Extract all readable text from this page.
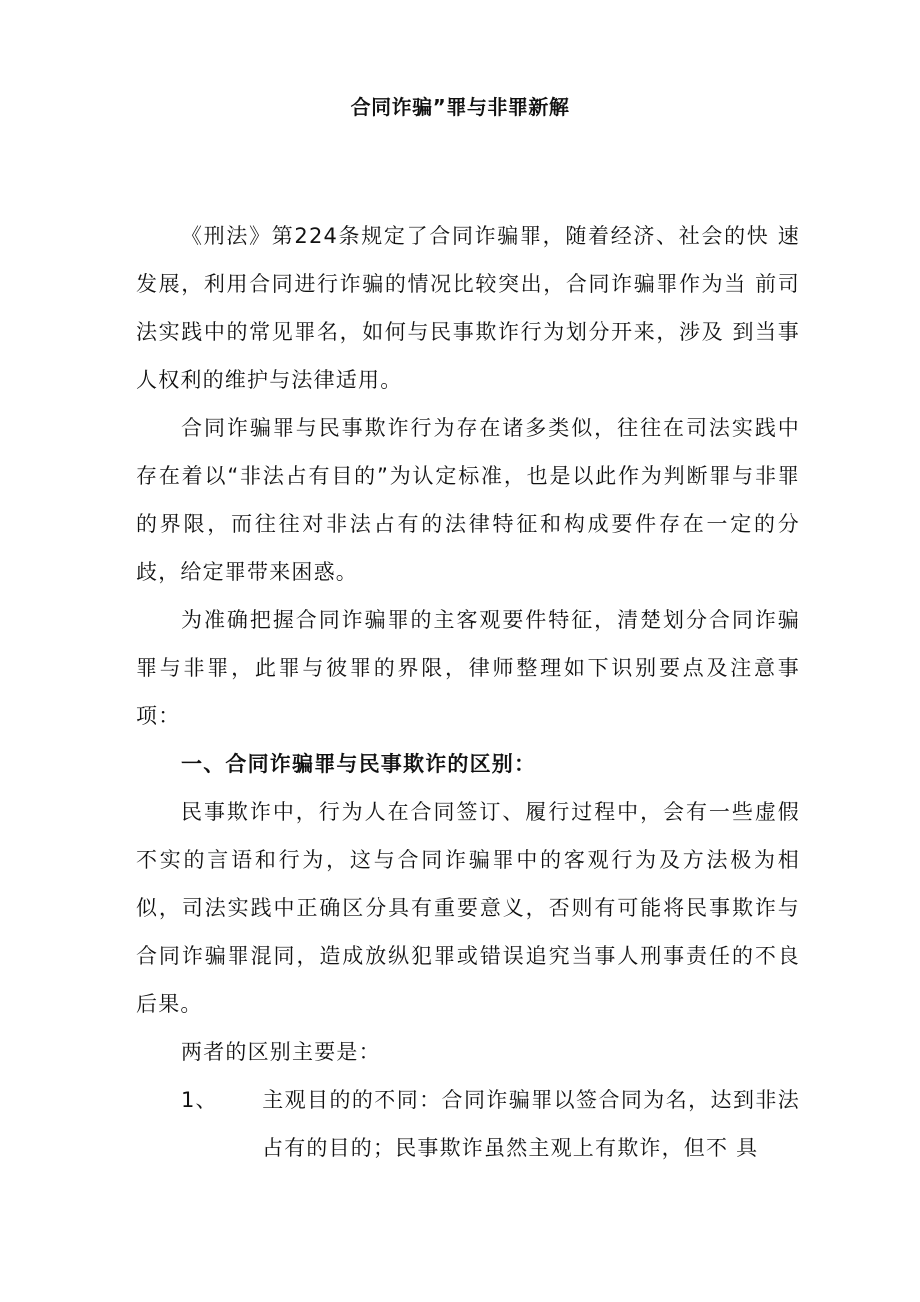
合同诈骗”罪与非罪新解

《刑法》第224条规定了合同诈骗罪，随着经济、社会的快 速发展，利用合同进行诈骗的情况比较突出，合同诈骗罪作为当 前司法实践中的常见罪名，如何与民事欺诈行为划分开来，涉及 到当事人权利的维护与法律适用。

合同诈骗罪与民事欺诈行为存在诸多类似，往往在司法实践中存在着以“非法占有目的”为认定标准，也是以此作为判断罪与非罪的界限，而往往对非法占有的法律特征和构成要件存在一定的分歧，给定罪带来困惑。

为准确把握合同诈骗罪的主客观要件特征，清楚划分合同诈骗罪与非罪，此罪与彼罪的界限，律师整理如下识别要点及注意事项：

一、合同诈骗罪与民事欺诈的区别：

民事欺诈中，行为人在合同签订、履行过程中，会有一些虚假不实的言语和行为，这与合同诈骗罪中的客观行为及方法极为相似，司法实践中正确区分具有重要意义，否则有可能将民事欺诈与合同诈骗罪混同，造成放纵犯罪或错误追究当事人刑事责任的不良后果。

两者的区别主要是：

1、 主观目的的不同：合同诈骗罪以签合同为名，达到非法占有的目的；民事欺诈虽然主观上有欺诈，但不 具
